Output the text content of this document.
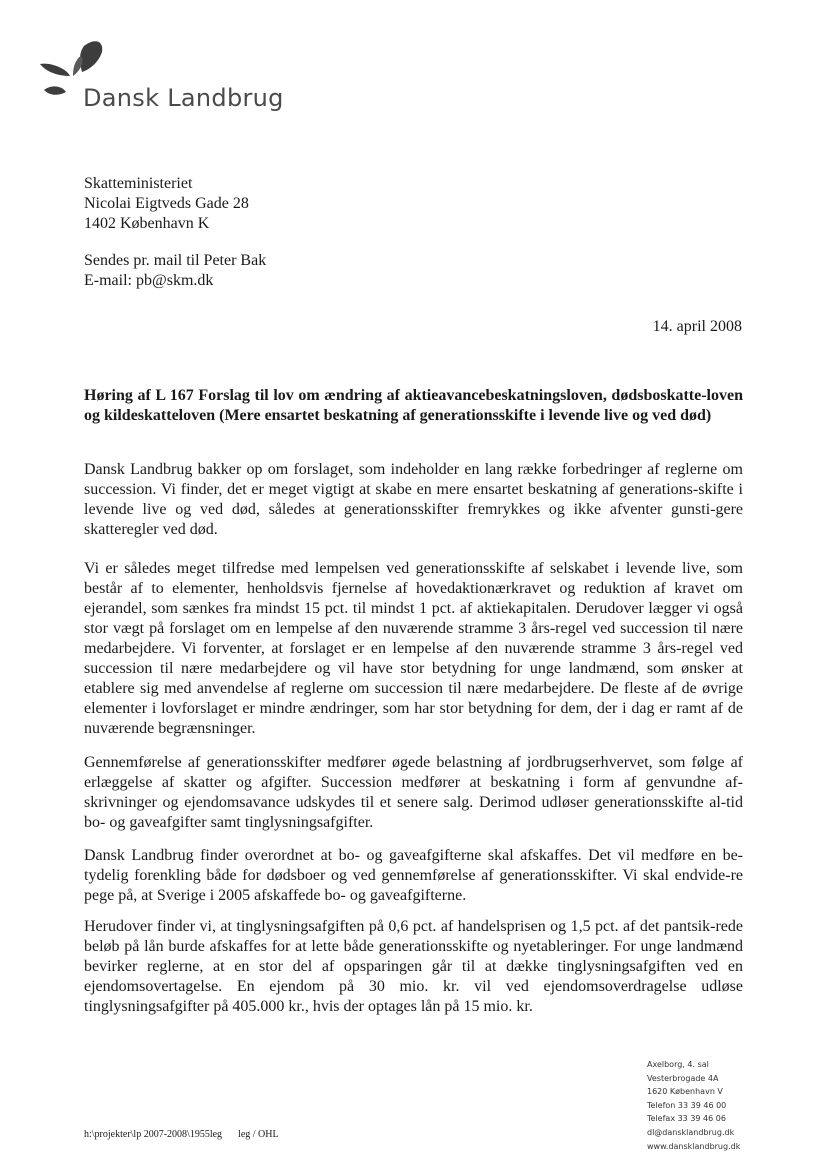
Dansk Landbrug
Skatteministeriet
Nicolai Eigtveds Gade 28
1402 København K
Sendes pr. mail til Peter Bak
E-mail: pb@skm.dk
14. april 2008
Høring af L 167 Forslag til lov om ændring af aktieavancebeskatningsloven, dødsboskatte-loven og kildeskatteloven (Mere ensartet beskatning af generationsskifte i levende live og ved død)

Dansk Landbrug bakker op om forslaget, som indeholder en lang række forbedringer af reglerne om succession. Vi finder, det er meget vigtigt at skabe en mere ensartet beskatning af generations-skifte i levende live og ved død, således at generationsskifter fremrykkes og ikke afventer gunsti-gere skatteregler ved død.

Vi er således meget tilfredse med lempelsen ved generationsskifte af selskabet i levende live, som består af to elementer, henholdsvis fjernelse af hovedaktionærkravet og reduktion af kravet om ejerandel, som sænkes fra mindst 15 pct. til mindst 1 pct. af aktiekapitalen. Derudover lægger vi også stor vægt på forslaget om en lempelse af den nuværende stramme 3 års-regel ved succession til nære medarbejdere. Vi forventer, at forslaget er en lempelse af den nuværende stramme 3 års-regel ved succession til nære medarbejdere og vil have stor betydning for unge landmænd, som ønsker at etablere sig med anvendelse af reglerne om succession til nære medarbejdere. De fleste af de øvrige elementer i lovforslaget er mindre ændringer, som har stor betydning for dem, der i dag er ramt af de nuværende begrænsninger.

Gennemførelse af generationsskifter medfører øgede belastning af jordbrugserhvervet, som følge af erlæggelse af skatter og afgifter. Succession medfører at beskatning i form af genvundne af-skrivninger og ejendomsavance udskydes til et senere salg. Derimod udløser generationsskifte al-tid bo- og gaveafgifter samt tinglysningsafgifter.

Dansk Landbrug finder overordnet at bo- og gaveafgifterne skal afskaffes. Det vil medføre en be-tydelig forenkling både for dødsboer og ved gennemførelse af generationsskifter. Vi skal endvide-re pege på, at Sverige i 2005 afskaffede bo- og gaveafgifterne.

Herudover finder vi, at tinglysningsafgiften på 0,6 pct. af handelsprisen og 1,5 pct. af det pantsik-rede beløb på lån burde afskaffes for at lette både generationsskifte og nyetableringer. For unge landmænd bevirker reglerne, at en stor del af opsparingen går til at dække tinglysningsafgiften ved en ejendomsovertagelse. En ejendom på 30 mio. kr. vil ved ejendomsoverdragelse udløse tinglysningsafgifter på 405.000 kr., hvis der optages lån på 15 mio. kr.

h:\projekter\lp 2007-2008\1955leg leg / OHL
Axelborg, 4. sal
Vesterbrogade 4A
1620 København V
Telefon 33 39 46 00
Telefax 33 39 46 06
dl@dansklandbrug.dk
www.dansklandbrug.dk
